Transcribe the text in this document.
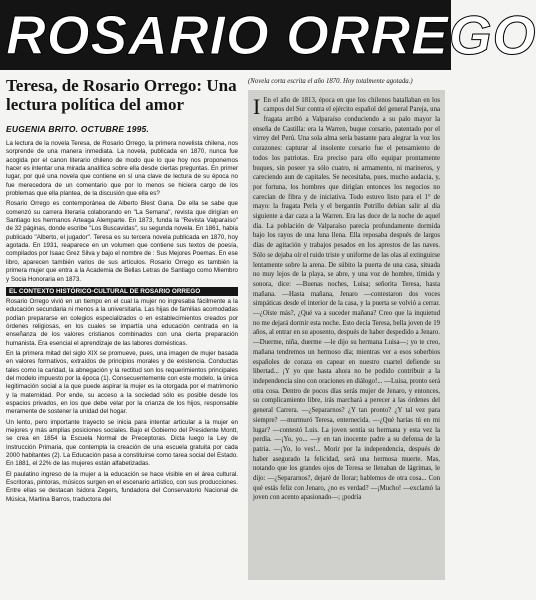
ROSARIO ORREGO
Teresa, de Rosario Orrego: Una lectura política del amor
EUGENIA BRITO. OCTUBRE 1995.

La lectura de la novela Teresa, de Rosario Orrego, la primera novelista chilena, nos sorprende de una manera inmediata. La novela, publicada en 1870, nunca fue acogida por el canon literario chileno de modo que lo que hoy nos proponemos hacer es intentar una mirada analítica sobre ella desde ciertas preguntas. En primer lugar, por qué una novela que contiene en sí una clave de lectura de su época no fue merecedora de un comentario que por lo menos se hiciera cargo de los problemas que ella plantea, de la discusión que ella es?

Rosario Orrego es contemporánea de Alberto Blest Gana. De ella se sabe que comenzó su carrera literaria colaborando en "La Semana", revista que dirigían en Santiago los hermanos Arteaga Alemparte. En 1873, funda la "Revista Valparaíso" de 32 páginas, donde escribe "Los Buscavidas", su segunda novela. En 1861, había publicado "Alberto, el jugador". Teresa es su tercera novela publicada en 1870, hoy agotada. En 1931, reaparece en un volumen que contiene sus textos de poesía, compilados por Isaac Grez Silva y bajo el nombre de : Sus Mejores Poemas. En ese libro, aparecen también varios de sus artículos. Rosario Orrego es también la primera mujer que entra a la Academia de Bellas Letras de Santiago como Miembro y Socia Honoraria en 1873.

EL CONTEXTO HISTÓRICO-CULTURAL DE ROSARIO ORREGO

Rosario Orrego vivió en un tiempo en el cual la mujer no ingresaba fácilmente a la educación secundaria ni menos a la universitaria. Las hijas de familias acomodadas podían prepararse en colegios especializados o en establecimientos creados por órdenes religiosas, en los cuales se impartía una educación centrada en la enseñanza de los valores cristianos combinados con una cierta preparación humanista. Era esencial el aprendizaje de las labores domésticas.

En la primera mitad del siglo XIX se promueve, pues, una imagen de mujer basada en valores formativos, extraídos de principios morales y de existencia. Conductas tales como la caridad, la abnegación y la rectitud son los requerimientos principales del modelo impuesto por la época (1). Consecuentemente con este modelo, la única legitimación social a la que puede aspirar la mujer es la otorgada por el matrimonio y la maternidad. Por ende, su acceso a la sociedad sólo es posible desde los espacios privados, en los que debe velar por la crianza de los hijos, responsable meramente de sostener la unidad del hogar.

Un lento, pero importante trayecto se inicia para intentar articular a la mujer en mejores y más amplias posiciones sociales. Bajo el Gobierno del Presidente Montt, se crea en 1854 la Escuela Normal de Preceptoras. Dicta luego la Ley de Instrucción Primaria, que contempla la creación de una escuela gratuita por cada 2000 habitantes (2). La Educación pasa a constituirse como tarea social del Estado. En 1881, el 22% de las mujeres están alfabetizadas.

El paulatino ingreso de la mujer a la educación se hace visible en el área cultural. Escritoras, pintoras, músicos surgen en el escenario artístico, con sus producciones. Entre ellas se destacan Isidora Zegers, fundadora del Conservatorio Nacional de Música, Martina Barros, traductora del

(Novela corta escrita el año 1870. Hoy totalmente agotada.)

I En el año de 1813, época en que los chilenos batallaban en los campos del Sur contra el ejército español del general Pareja, una fragata arribó a Valparaíso conduciendo a su palo mayor la enseña de Castilla: era la Warren, buque corsario, patentado por el virrey del Perú. Una sola alma sería bastante para alegrar la voz los corazones: capturar al insolente corsario fue el pensamiento de todos los patriotas. Era preciso para ello equipar prontamente buques, sin poseer ya sólo cuatro, ni armamento, ni marineros, y careciendo aun de capitales. Se necesitaba, pues, mucho audacia, y, por fortuna, los hombres que dirigían entonces los negocios no carecían de fibra y de iniciativa. Todo estuvo listo para el 1° de mayo: la fragata Perla y el bergantín Potrillo debían salir al día siguiente a dar caza a la Warren. Era las doce de la noche de aquel día. La población de Valparaíso parecía profundamente dormida bajo los rayos de una luna llena. Ella reposaba después de largos días de agitación y trabajos pesados en los aprestos de las naves. Sólo se dejaba oír el ruido triste y uniforme de las olas al extinguirse lentamente sobre la arena. De súbito la puerta de una casa, situada no muy lejos de la playa, se abre, y una voz de hombre, tímida y sonora, dice: —Buenas noches, Luisa; señorita Teresa, hasta mañana. —Hasta mañana, Jenaro —contestaron dos voces simpáticas desde el interior de la casa, y la puerta se volvió a cerrar. —¿Oíste más?, ¿Qué va a suceder mañana? Creo que la inquietud no me dejará dormir esta noche. Esto decía Teresa, bella joven de 19 años, al entrar en su aposento, después de haber despedido a Jenaro. —Duerme, niña, duerme —le dijo su hermana Luisa—; yo te creo, mañana tendremos un hermoso día; mientras ver a esos soberbios españoles de coraza en capear en nuestro cuartel defiende su libertad... ¡Y yo que hasta ahora no he podido contribuir a la independencia sino con oraciones en diálogo!... —Luisa, pronto será otra cosa. Dentro de pocos días serás mujer de Jenaro, y entonces, su complicamiento libre, irás marchará a perecer a las órdenes del general Carrera. —¿Separarnos? ¿Y tan pronto? ¿Y tal vez para siempre? —murmuró Teresa, enternecida. —¿Qué harías tú en mi lugar? —contestó Luis. La joven sentía su hermana y esta vez la perdía. —¡Yo, yo... —y en tan inocente padre a su defensa de la patria. —¡Yo, lo ves!... Morir por la independencia, después de haber asegurado la felicidad, será una hermosa muerte. Mas, notando que los grandes ojos de Teresa se llenaban de lágrimas, le dijo: —¿Separarnos?, dejaré de llorar; hablemos de otra cosa... Con qué estás feliz con Jenaro, ¿no es verdad? —¡Mucho! —exclamó la joven con acento apasionado—; ¡podría
